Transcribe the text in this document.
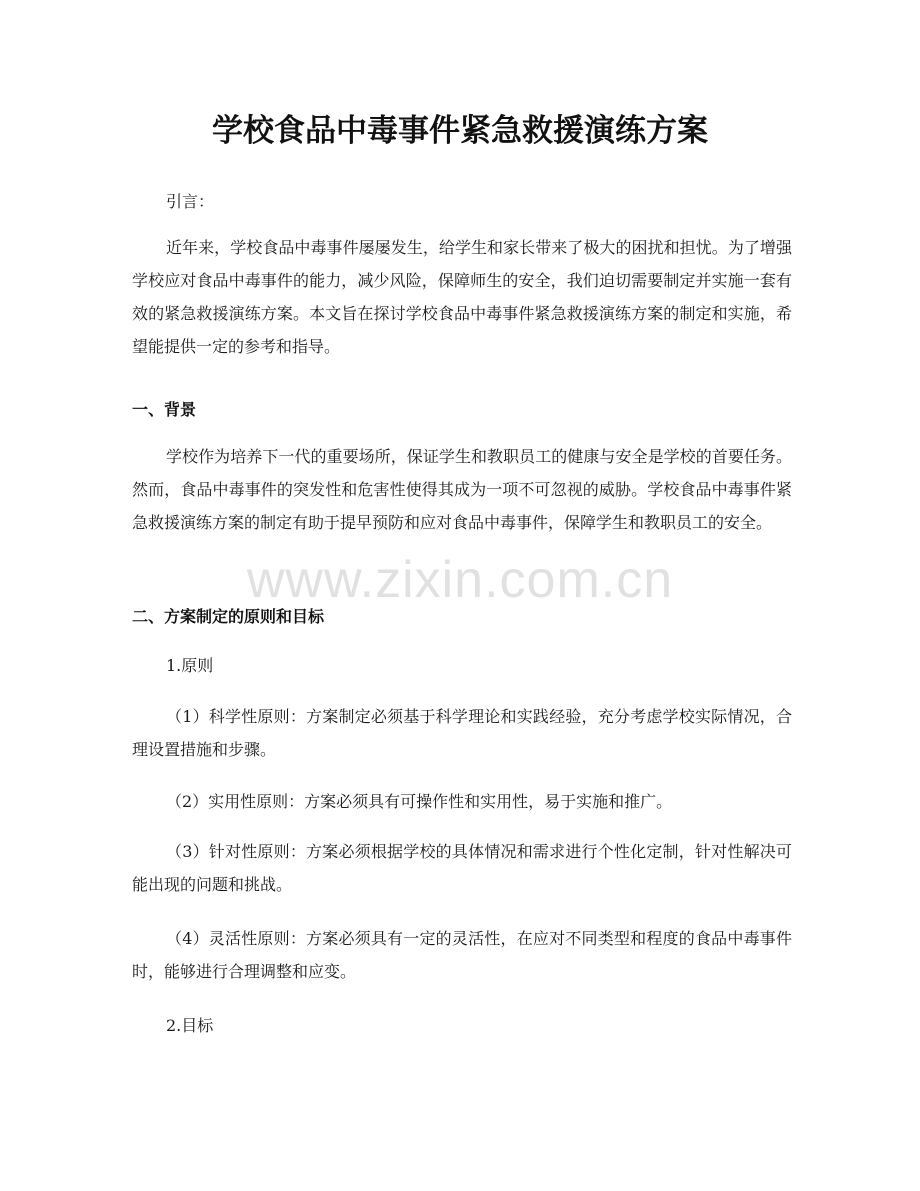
学校食品中毒事件紧急救援演练方案

引言：

近年来，学校食品中毒事件屡屡发生，给学生和家长带来了极大的困扰和担忧。为了增强学校应对食品中毒事件的能力，减少风险，保障师生的安全，我们迫切需要制定并实施一套有效的紧急救援演练方案。本文旨在探讨学校食品中毒事件紧急救援演练方案的制定和实施，希望能提供一定的参考和指导。

一、背景

学校作为培养下一代的重要场所，保证学生和教职员工的健康与安全是学校的首要任务。然而，食品中毒事件的突发性和危害性使得其成为一项不可忽视的威胁。学校食品中毒事件紧急救援演练方案的制定有助于提早预防和应对食品中毒事件，保障学生和教职员工的安全。

二、方案制定的原则和目标

1.原则

（1）科学性原则：方案制定必须基于科学理论和实践经验，充分考虑学校实际情况，合理设置措施和步骤。

（2）实用性原则：方案必须具有可操作性和实用性，易于实施和推广。

（3）针对性原则：方案必须根据学校的具体情况和需求进行个性化定制，针对性解决可能出现的问题和挑战。

（4）灵活性原则：方案必须具有一定的灵活性，在应对不同类型和程度的食品中毒事件时，能够进行合理调整和应变。

2.目标

www.zixin.com.cn
